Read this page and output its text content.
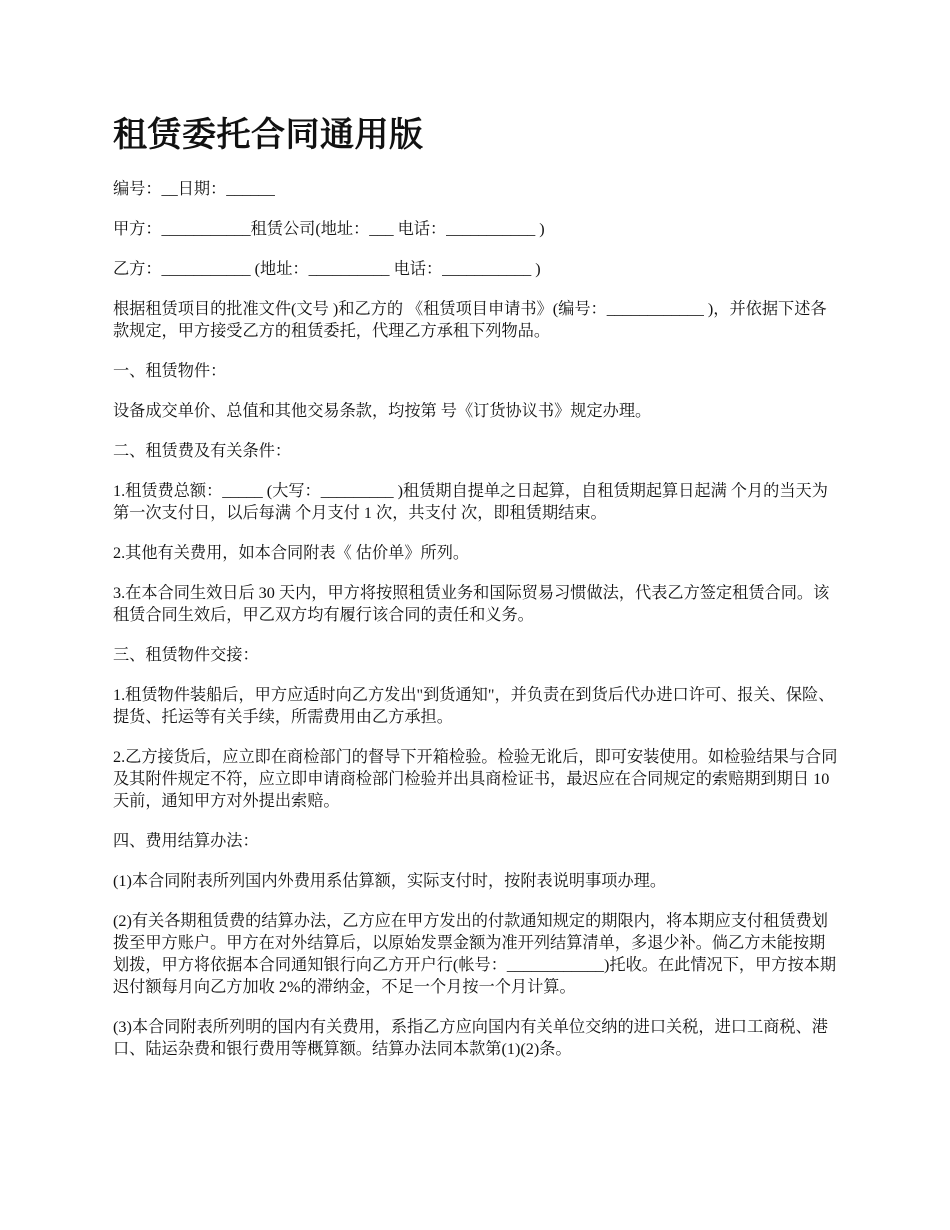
租赁委托合同通用版

编号：__日期：______

甲方：___________租赁公司(地址：___ 电话：___________ )

乙方：___________ (地址：__________ 电话：___________ )

根据租赁项目的批准文件(文号 )和乙方的 《租赁项目申请书》(编号：____________ )，并依据下述各款规定，甲方接受乙方的租赁委托，代理乙方承租下列物品。

一、租赁物件：

设备成交单价、总值和其他交易条款，均按第 号《订货协议书》规定办理。

二、租赁费及有关条件：

1.租赁费总额：_____ (大写：_________ )租赁期自提单之日起算，自租赁期起算日起满 个月的当天为第一次支付日，以后每满 个月支付 1 次，共支付 次，即租赁期结束。

2.其他有关费用，如本合同附表《 估价单》所列。

3.在本合同生效日后 30 天内，甲方将按照租赁业务和国际贸易习惯做法，代表乙方签定租赁合同。该租赁合同生效后，甲乙双方均有履行该合同的责任和义务。

三、租赁物件交接：

1.租赁物件装船后，甲方应适时向乙方发出"到货通知"，并负责在到货后代办进口许可、报关、保险、提货、托运等有关手续，所需费用由乙方承担。

2.乙方接货后，应立即在商检部门的督导下开箱检验。检验无讹后，即可安装使用。如检验结果与合同及其附件规定不符，应立即申请商检部门检验并出具商检证书，最迟应在合同规定的索赔期到期日 10 天前，通知甲方对外提出索赔。

四、费用结算办法：

(1)本合同附表所列国内外费用系估算额，实际支付时，按附表说明事项办理。

(2)有关各期租赁费的结算办法，乙方应在甲方发出的付款通知规定的期限内，将本期应支付租赁费划拨至甲方账户。甲方在对外结算后，以原始发票金额为准开列结算清单，多退少补。倘乙方未能按期划拨，甲方将依据本合同通知银行向乙方开户行(帐号：____________)托收。在此情况下，甲方按本期迟付额每月向乙方加收 2%的滞纳金，不足一个月按一个月计算。

(3)本合同附表所列明的国内有关费用，系指乙方应向国内有关单位交纳的进口关税，进口工商税、港口、陆运杂费和银行费用等概算额。结算办法同本款第(1)(2)条。
